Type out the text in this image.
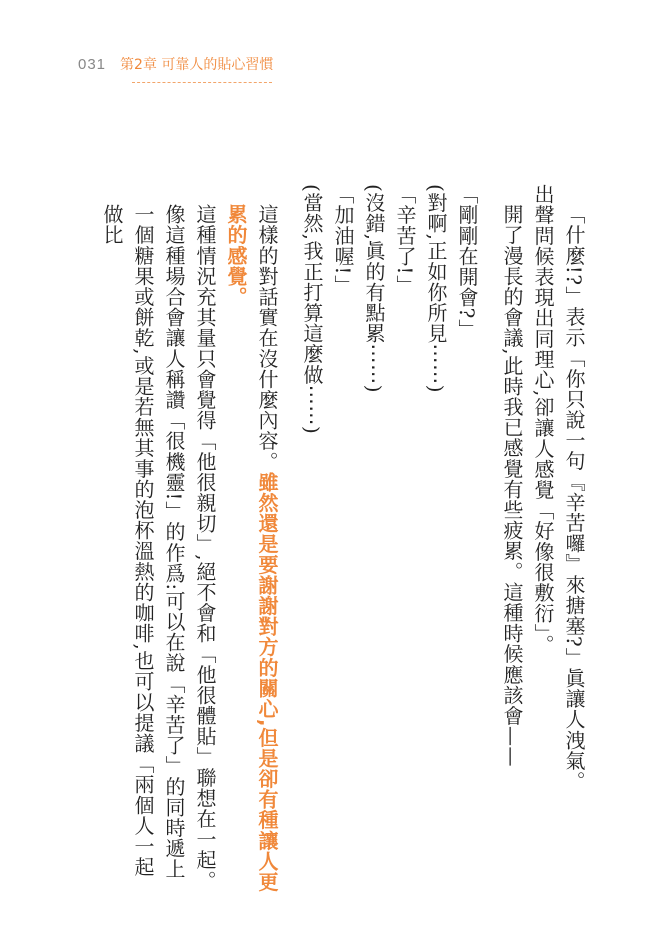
031 第2章 可靠人的貼心習慣

「什麼!?」表示「你只說一句『辛苦囉』來搪塞?」眞讓人洩氣。

出聲問候表現出同理心,卻讓人感覺「好像很敷衍」。

開了漫長的會議,此時我已感覺有些疲累。這種時候應該會——

「剛剛在開會?」

(對啊,正如你所見⋯⋯)

「辛苦了!」

(沒錯,眞的有點累⋯⋯)

「加油喔!」

(當然,我正打算這麼做⋯⋯)

這樣的對話實在沒什麼內容。雖然還是要謝謝對方的關心,但是卻有種讓人更累的感覺。

這種情況充其量只會覺得「他很親切」,絕不會和「他很體貼」聯想在一起。

像這種場合會讓人稱讚「很機靈!」的作爲:可以在說「辛苦了」的同時遞上一個糖果或餅乾,或是若無其事的泡杯溫熱的咖啡,也可以提議「兩個人一起做比
